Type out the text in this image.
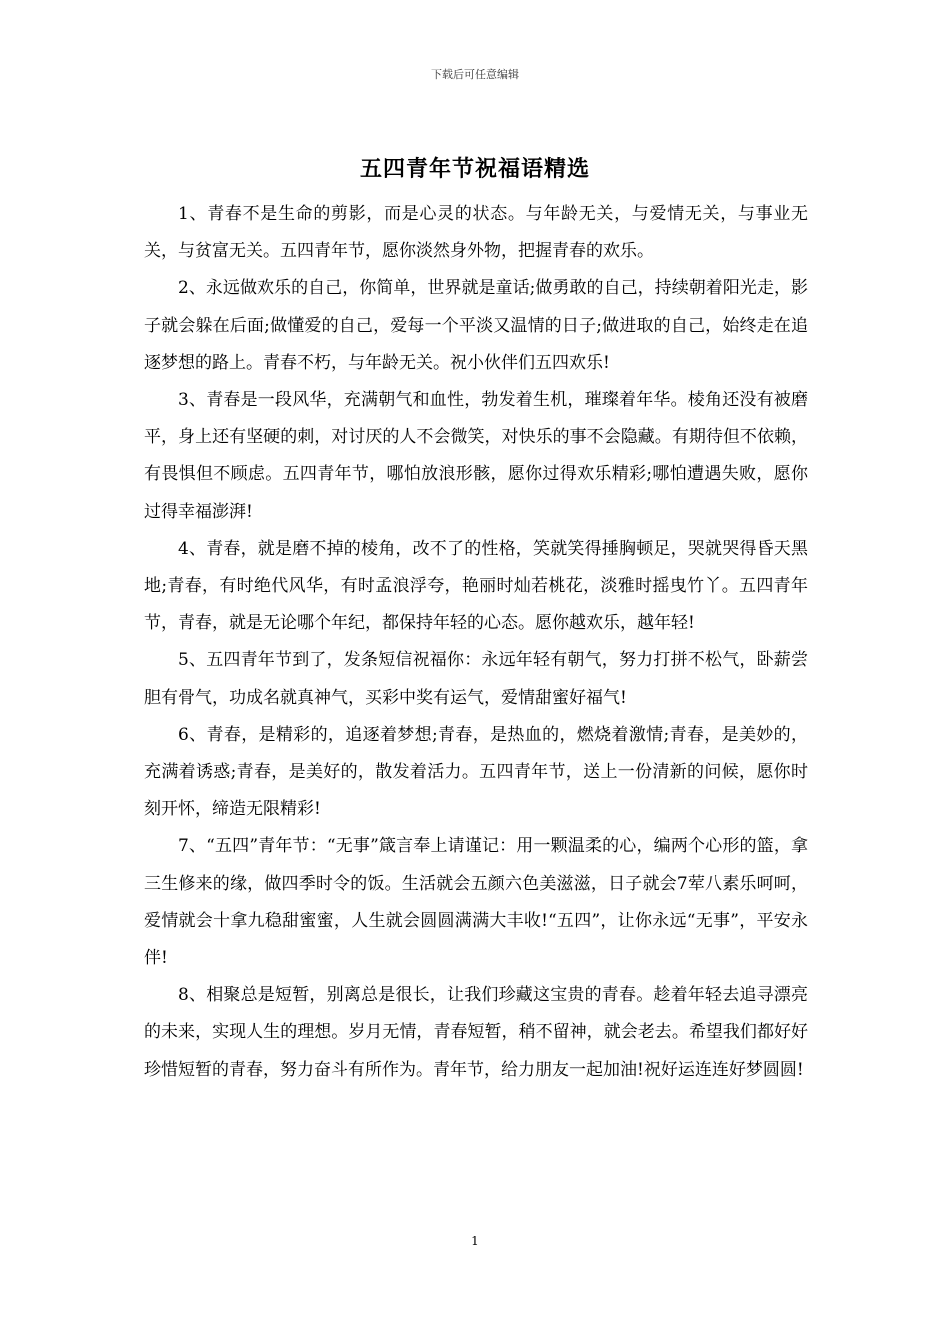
下载后可任意编辑
五四青年节祝福语精选

1、青春不是生命的剪影，而是心灵的状态。与年龄无关，与爱情无关，与事业无关，与贫富无关。五四青年节，愿你淡然身外物，把握青春的欢乐。

2、永远做欢乐的自己，你简单，世界就是童话;做勇敢的自己，持续朝着阳光走，影子就会躲在后面;做懂爱的自己，爱每一个平淡又温情的日子;做进取的自己，始终走在追逐梦想的路上。青春不朽，与年龄无关。祝小伙伴们五四欢乐!

3、青春是一段风华，充满朝气和血性，勃发着生机，璀璨着年华。棱角还没有被磨平，身上还有坚硬的刺，对讨厌的人不会微笑，对快乐的事不会隐藏。有期待但不依赖，有畏惧但不顾虑。五四青年节，哪怕放浪形骸，愿你过得欢乐精彩;哪怕遭遇失败，愿你过得幸福澎湃!

4、青春，就是磨不掉的棱角，改不了的性格，笑就笑得捶胸顿足，哭就哭得昏天黑地;青春，有时绝代风华，有时孟浪浮夸，艳丽时灿若桃花，淡雅时摇曳竹丫。五四青年节，青春，就是无论哪个年纪，都保持年轻的心态。愿你越欢乐，越年轻!

5、五四青年节到了，发条短信祝福你：永远年轻有朝气，努力打拼不松气，卧薪尝胆有骨气，功成名就真神气，买彩中奖有运气，爱情甜蜜好福气!

6、青春，是精彩的，追逐着梦想;青春，是热血的，燃烧着激情;青春，是美妙的，充满着诱惑;青春，是美好的，散发着活力。五四青年节，送上一份清新的问候，愿你时刻开怀，缔造无限精彩!

7、“五四”青年节：“无事”箴言奉上请谨记：用一颗温柔的心，编两个心形的篮，拿三生修来的缘，做四季时令的饭。生活就会五颜六色美滋滋，日子就会7荤八素乐呵呵，爱情就会十拿九稳甜蜜蜜，人生就会圆圆满满大丰收!“五四”，让你永远“无事”，平安永伴!

8、相聚总是短暂，别离总是很长，让我们珍藏这宝贵的青春。趁着年轻去追寻漂亮的未来，实现人生的理想。岁月无情，青春短暂，稍不留神，就会老去。希望我们都好好珍惜短暂的青春，努力奋斗有所作为。青年节，给力朋友一起加油!祝好运连连好梦圆圆!

1
